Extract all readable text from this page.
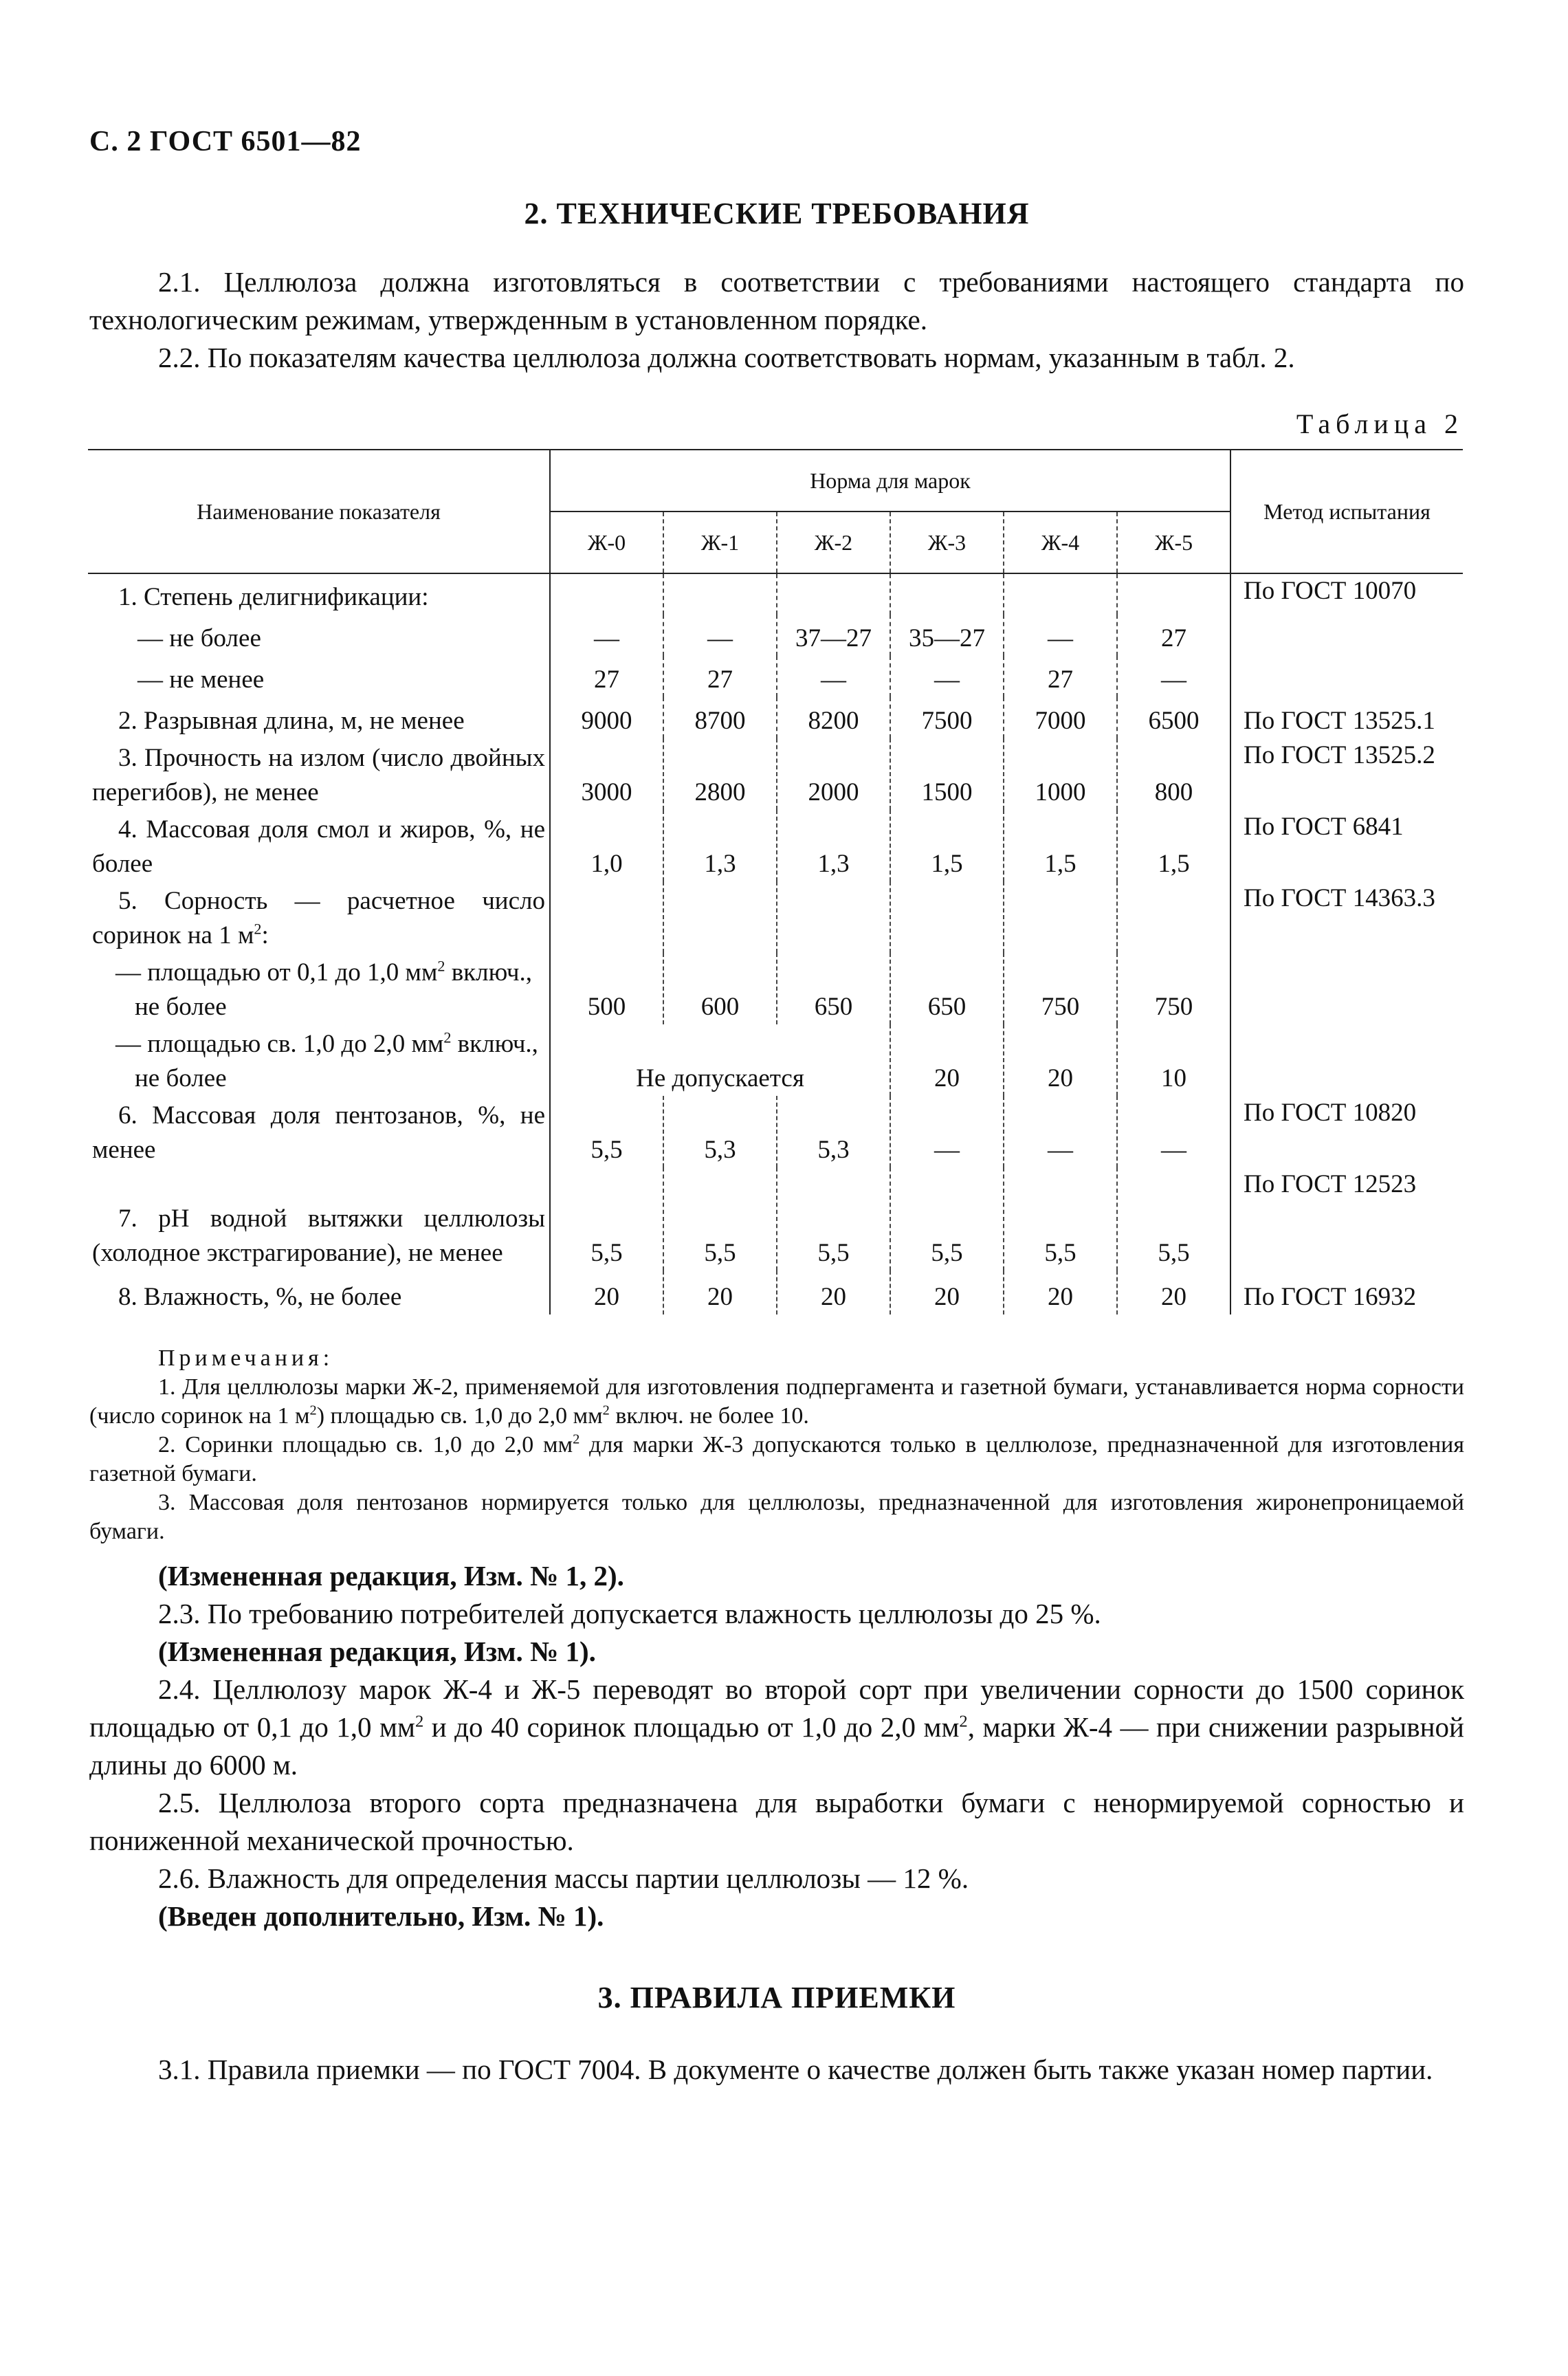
С. 2 ГОСТ 6501—82
2. ТЕХНИЧЕСКИЕ ТРЕБОВАНИЯ
2.1. Целлюлоза должна изготовляться в соответствии с требованиями настоящего стандарта по технологическим режимам, утвержденным в установленном порядке.
2.2. По показателям качества целлюлоза должна соответствовать нормам, указанным в табл. 2.
Таблица 2
Наименование показателя	Норма для марок						Метод испытания
	Ж-0	Ж-1	Ж-2	Ж-3	Ж-4	Ж-5	
1. Степень делигнификации:							По ГОСТ 10070
— не более	—	—	37—27	35—27	—	27	
— не менее	27	27	—	—	27	—	
2. Разрывная длина, м, не менее	9000	8700	8200	7500	7000	6500	По ГОСТ 13525.1
3. Прочность на излом (число двойных перегибов), не менее	3000	2800	2000	1500	1000	800	По ГОСТ 13525.2
4. Массовая доля смол и жиров, %, не более	1,0	1,3	1,3	1,5	1,5	1,5	По ГОСТ 6841
5. Сорность — расчетное число соринок на 1 $м^2$:							По ГОСТ 14363.3
— площадью от 0,1 до 1,0 $мм^2$ включ., не более	500	600	650	650	750	750	
— площадью св. 1,0 до 2,0 $мм^2$ включ., не более	Не допускается			20	20	10	
6. Массовая доля пентозанов, %, не менее	5,5	5,3	5,3	—	—	—	По ГОСТ 10820
7. pH водной вытяжки целлюлозы (холодное экстрагирование), не менее	5,5	5,5	5,5	5,5	5,5	5,5	По ГОСТ 12523
8. Влажность, %, не более	20	20	20	20	20	20	По ГОСТ 16932
Примечания:
1. Для целлюлозы марки Ж-2, применяемой для изготовления подпергамента и газетной бумаги, устанавливается норма сорности (число соринок на 1 $м^2$) площадью св. 1,0 до 2,0 $мм^2$ включ. не более 10.
2. Соринки площадью св. 1,0 до 2,0 $мм^2$ для марки Ж-3 допускаются только в целлюлозе, предназначенной для изготовления газетной бумаги.
3. Массовая доля пентозанов нормируется только для целлюлозы, предназначенной для изготовления жиронепроницаемой бумаги.
(Измененная редакция, Изм. № 1, 2).
2.3. По требованию потребителей допускается влажность целлюлозы до 25 %.
(Измененная редакция, Изм. № 1).
2.4. Целлюлозу марок Ж-4 и Ж-5 переводят во второй сорт при увеличении сорности до 1500 соринок площадью от 0,1 до 1,0 $мм^2$ и до 40 соринок площадью от 1,0 до 2,0 $мм^2$, марки Ж-4 — при снижении разрывной длины до 6000 м.
2.5. Целлюлоза второго сорта предназначена для выработки бумаги с ненормируемой сорностью и пониженной механической прочностью.
2.6. Влажность для определения массы партии целлюлозы — 12 %.
(Введен дополнительно, Изм. № 1).
3. ПРАВИЛА ПРИЕМКИ
3.1. Правила приемки — по ГОСТ 7004. В документе о качестве должен быть также указан номер партии.
